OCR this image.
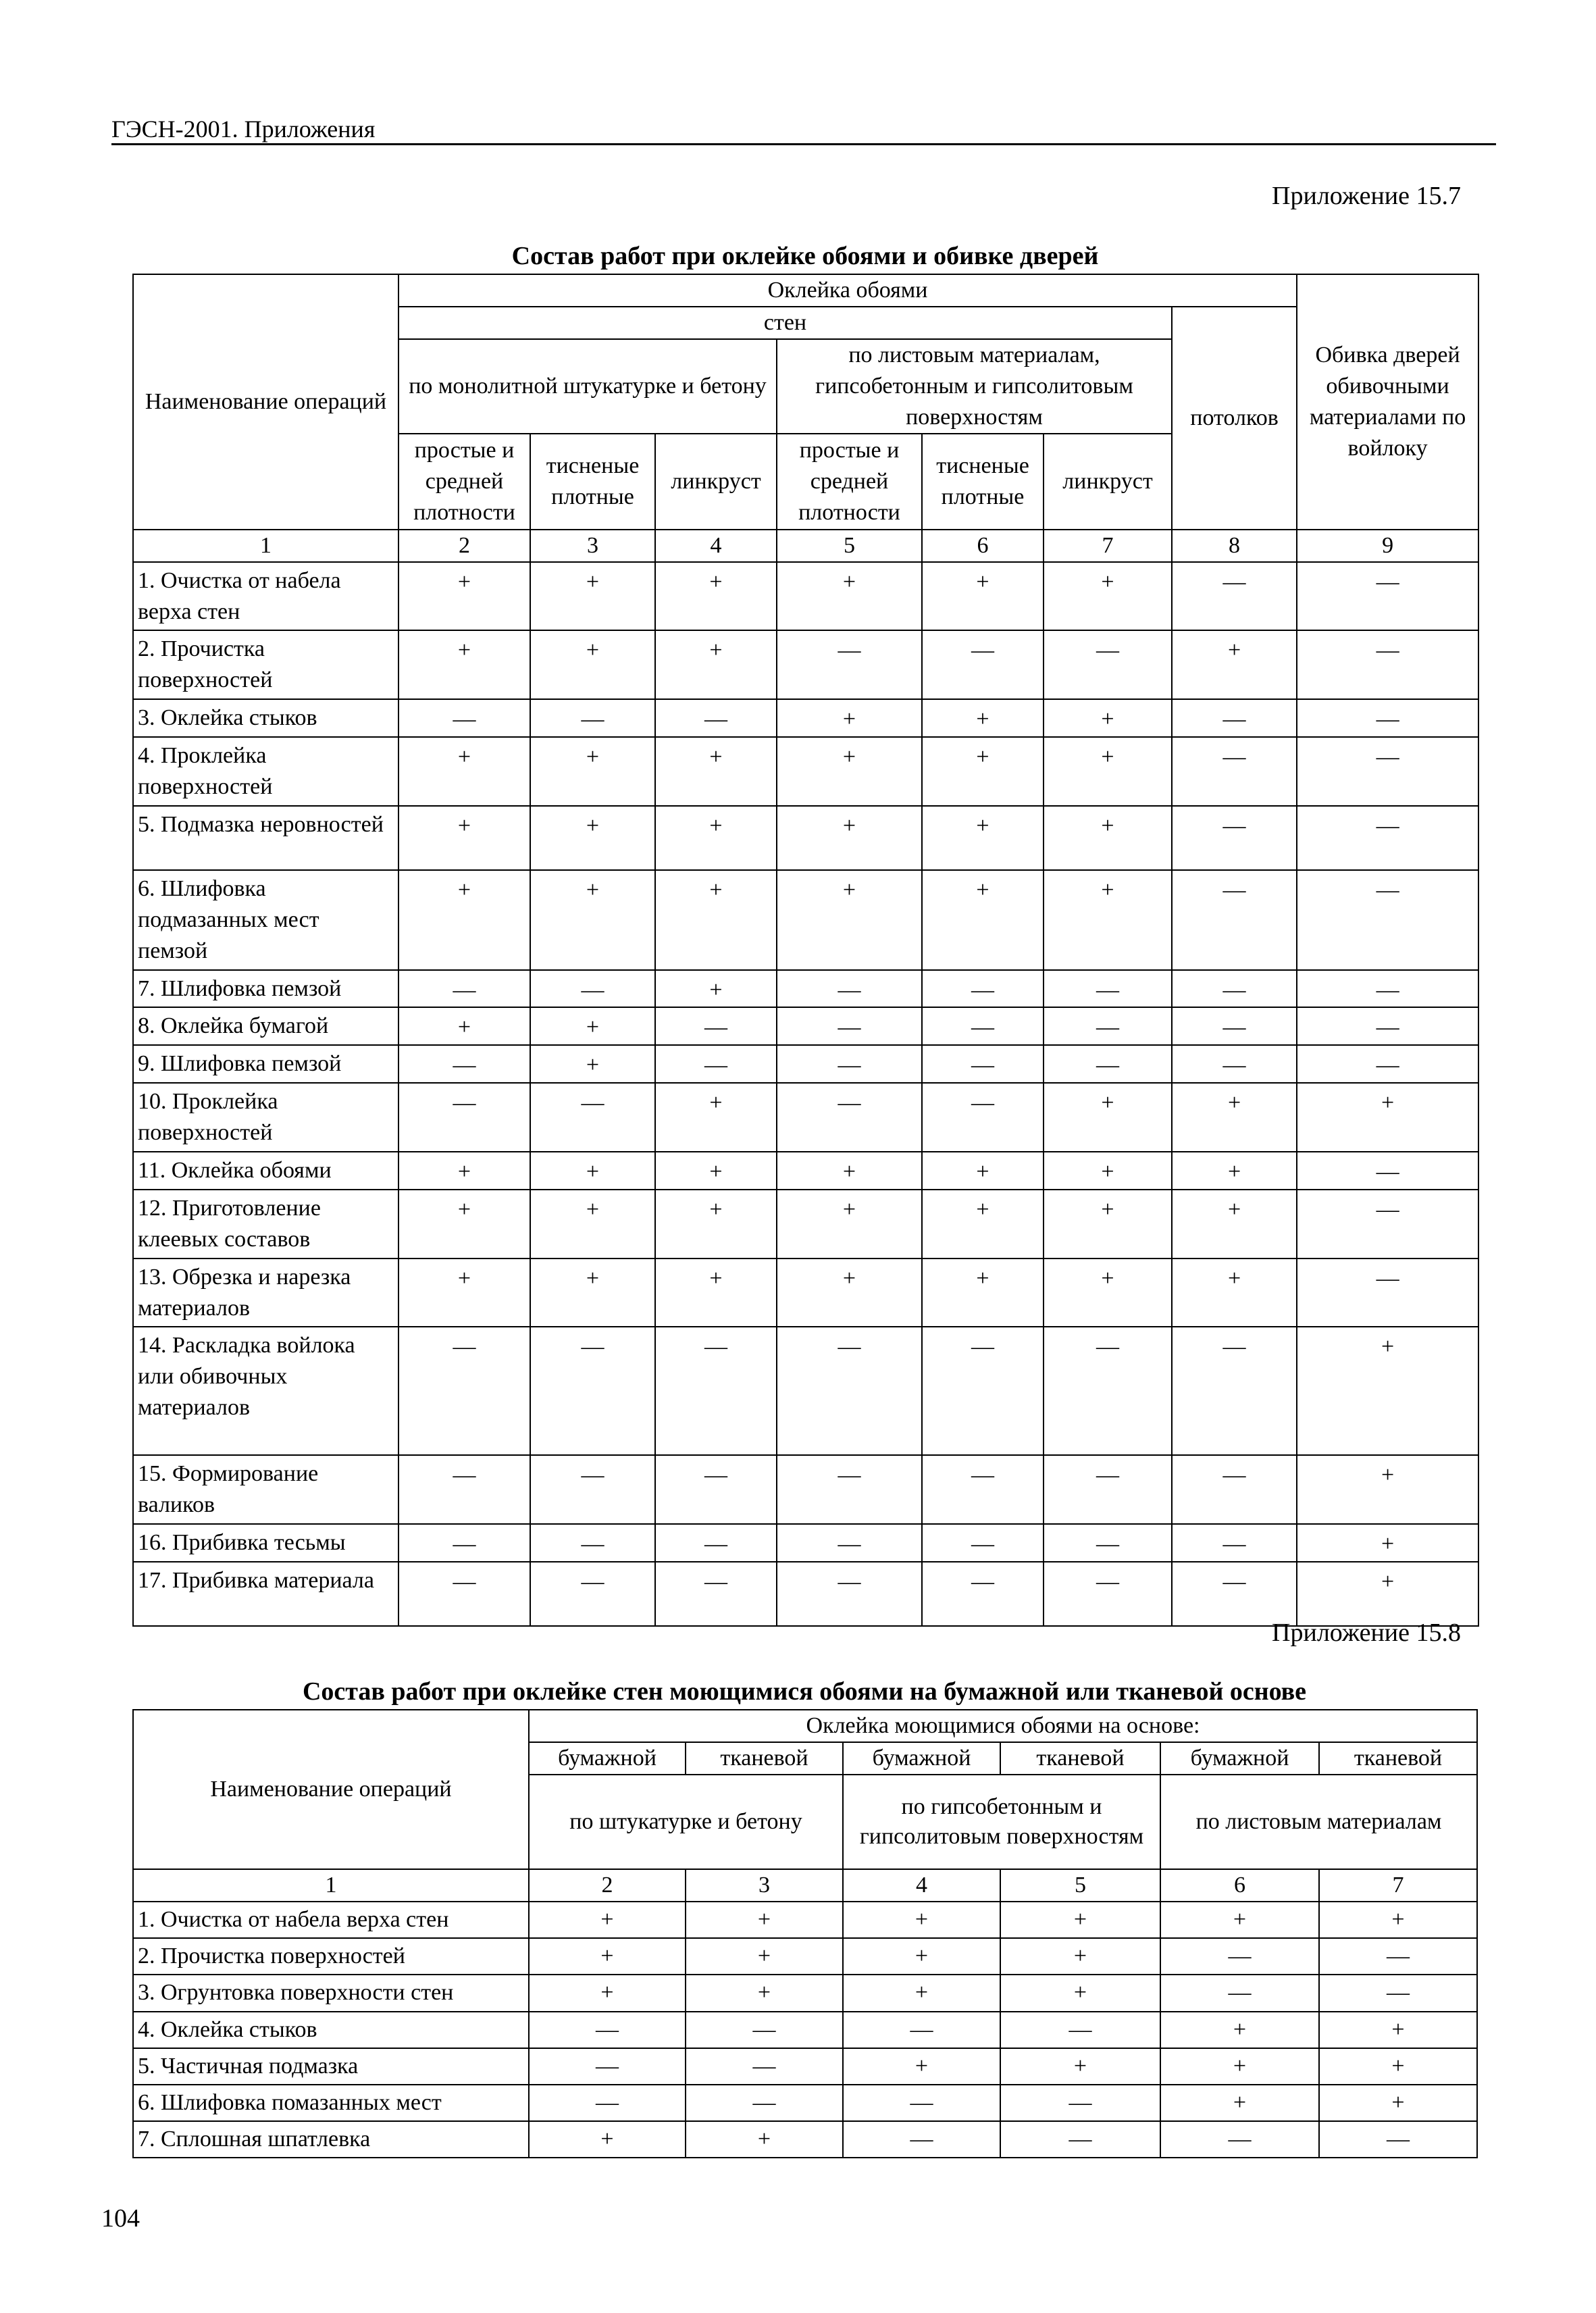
ГЭСН-2001. Приложения
Приложение 15.7
Состав работ при оклейке обоями и обивке дверей
Наименование операций	Оклейка обоями							Обивка дверей обивочными материалами по войлоку
	стен						потолков	
	по монолитной штукатурке и бетону			по листовым материалам, гипсобетонным и гипсолитовым поверхностям				
	простые и средней плотности	тисненые плотные	линкруст	простые и средней плотности	тисненые плотные	линкруст		
1	2	3	4	5	6	7	8	9
1. Очистка от набела верха стен	+	+	+	+	+	+	—	—
2. Прочистка поверхностей	+	+	+	—	—	—	+	—
3. Оклейка стыков	—	—	—	+	+	+	—	—
4. Проклейка поверхностей	+	+	+	+	+	+	—	—
5. Подмазка неровностей	+	+	+	+	+	+	—	—
6. Шлифовка подмазанных мест пемзой	+	+	+	+	+	+	—	—
7. Шлифовка пемзой	—	—	+	—	—	—	—	—
8. Оклейка бумагой	+	+	—	—	—	—	—	—
9. Шлифовка пемзой	—	+	—	—	—	—	—	—
10. Проклейка поверхностей	—	—	+	—	—	+	+	+
11. Оклейка обоями	+	+	+	+	+	+	+	—
12. Приготовление клеевых составов	+	+	+	+	+	+	+	—
13. Обрезка и нарезка материалов	+	+	+	+	+	+	+	—
14. Раскладка войлока или обивочных материалов	—	—	—	—	—	—	—	+
15. Формирование валиков	—	—	—	—	—	—	—	+
16. Прибивка тесьмы	—	—	—	—	—	—	—	+
17. Прибивка материала	—	—	—	—	—	—	—	+
Приложение 15.8
Состав работ при оклейке стен моющимися обоями на бумажной или тканевой основе
Наименование операций	Оклейка моющимися обоями на основе:					
	бумажной	тканевой	бумажной	тканевой	бумажной	тканевой
	по штукатурке и бетону		по гипсобетонным и гипсолитовым поверхностям		по листовым материалам	
1	2	3	4	5	6	7
1. Очистка от набела верха стен	+	+	+	+	+	+
2. Прочистка поверхностей	+	+	+	+	—	—
3. Огрунтовка поверхности стен	+	+	+	+	—	—
4. Оклейка стыков	—	—	—	—	+	+
5. Частичная подмазка	—	—	+	+	+	+
6. Шлифовка помазанных мест	—	—	—	—	+	+
7. Сплошная шпатлевка	+	+	—	—	—	—
104
